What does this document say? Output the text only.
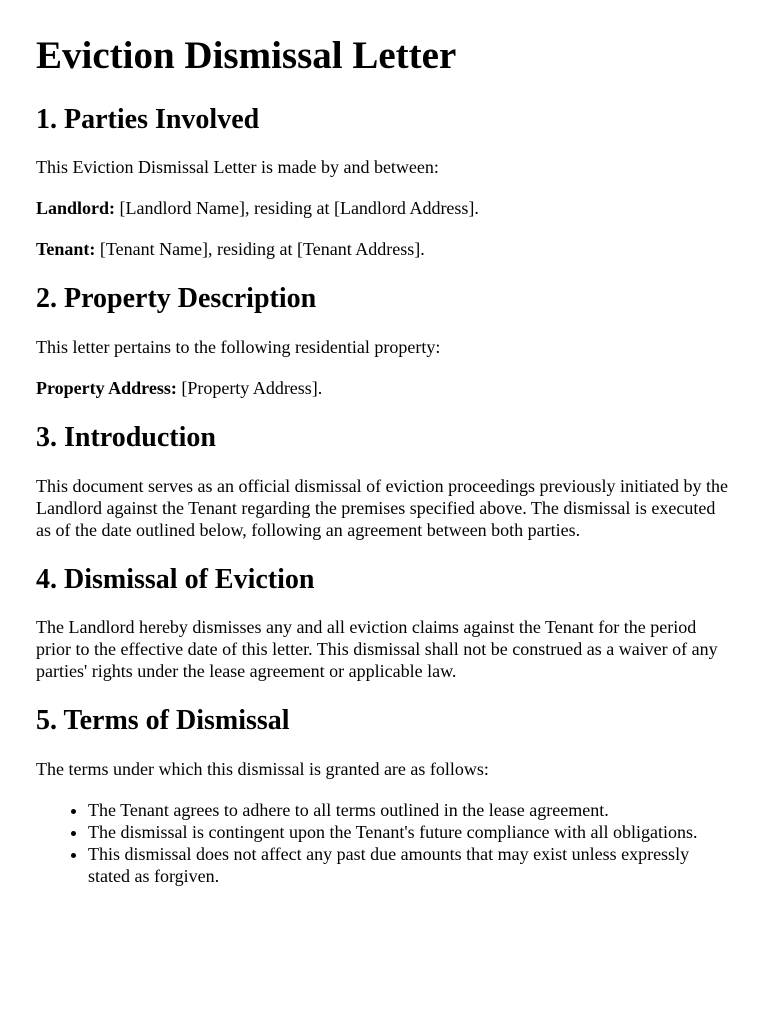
Eviction Dismissal Letter
1. Parties Involved

This Eviction Dismissal Letter is made by and between:

Landlord: [Landlord Name], residing at [Landlord Address].

Tenant: [Tenant Name], residing at [Tenant Address].

2. Property Description

This letter pertains to the following residential property:

Property Address: [Property Address].

3. Introduction

This document serves as an official dismissal of eviction proceedings previously initiated by the Landlord against the Tenant regarding the premises specified above. The dismissal is executed as of the date outlined below, following an agreement between both parties.

4. Dismissal of Eviction

The Landlord hereby dismisses any and all eviction claims against the Tenant for the period prior to the effective date of this letter. This dismissal shall not be construed as a waiver of any parties' rights under the lease agreement or applicable law.

5. Terms of Dismissal

The terms under which this dismissal is granted are as follows:

• The Tenant agrees to adhere to all terms outlined in the lease agreement.
• The dismissal is contingent upon the Tenant's future compliance with all obligations.
• This dismissal does not affect any past due amounts that may exist unless expressly stated as forgiven.
